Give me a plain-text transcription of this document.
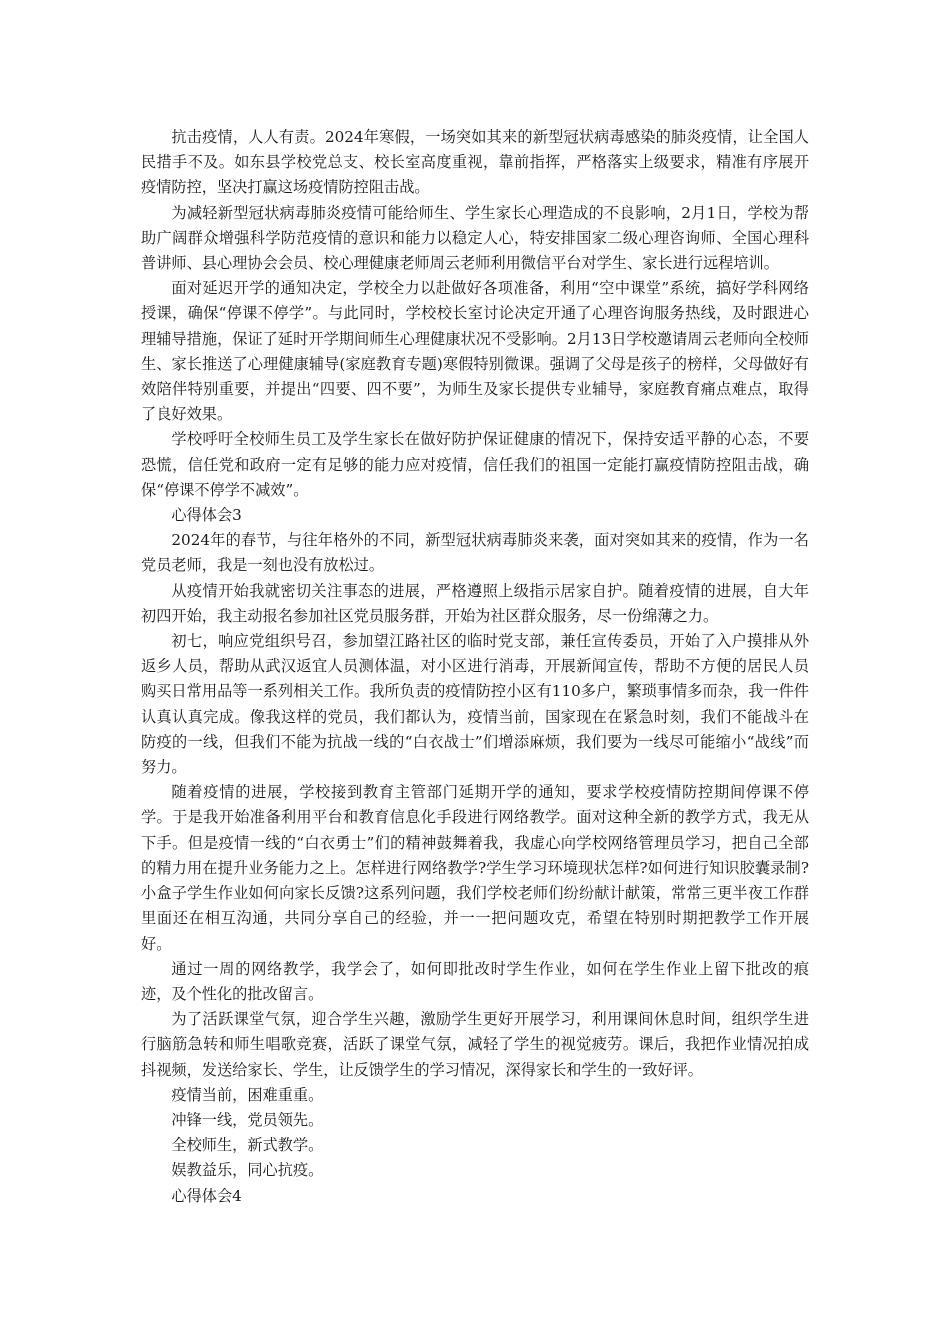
抗击疫情，人人有责。2024年寒假，一场突如其来的新型冠状病毒感染的肺炎疫情，让全国人民措手不及。如东县学校党总支、校长室高度重视，靠前指挥，严格落实上级要求，精准有序展开疫情防控，坚决打赢这场疫情防控阻击战。

为减轻新型冠状病毒肺炎疫情可能给师生、学生家长心理造成的不良影响，2月1日，学校为帮助广阔群众增强科学防范疫情的意识和能力以稳定人心，特安排国家二级心理咨询师、全国心理科普讲师、县心理协会会员、校心理健康老师周云老师利用微信平台对学生、家长进行远程培训。

面对延迟开学的通知决定，学校全力以赴做好各项准备，利用“空中课堂”系统，搞好学科网络授课，确保“停课不停学”。与此同时，学校校长室讨论决定开通了心理咨询服务热线，及时跟进心理辅导措施，保证了延时开学期间师生心理健康状况不受影响。2月13日学校邀请周云老师向全校师生、家长推送了心理健康辅导(家庭教育专题)寒假特别微课。强调了父母是孩子的榜样，父母做好有效陪伴特别重要，并提出“四要、四不要”，为师生及家长提供专业辅导，家庭教育痛点难点，取得了良好效果。

学校呼吁全校师生员工及学生家长在做好防护保证健康的情况下，保持安适平静的心态，不要恐慌，信任党和政府一定有足够的能力应对疫情，信任我们的祖国一定能打赢疫情防控阻击战，确保“停课不停学不减效”。

心得体会3

2024年的春节，与往年格外的不同，新型冠状病毒肺炎来袭，面对突如其来的疫情，作为一名党员老师，我是一刻也没有放松过。

从疫情开始我就密切关注事态的进展，严格遵照上级指示居家自护。随着疫情的进展，自大年初四开始，我主动报名参加社区党员服务群，开始为社区群众服务，尽一份绵薄之力。

初七，响应党组织号召，参加望江路社区的临时党支部，兼任宣传委员，开始了入户摸排从外返乡人员，帮助从武汉返宜人员测体温，对小区进行消毒，开展新闻宣传，帮助不方便的居民人员购买日常用品等一系列相关工作。我所负责的疫情防控小区有110多户，繁琐事情多而杂，我一件件认真认真完成。像我这样的党员，我们都认为，疫情当前，国家现在在紧急时刻，我们不能战斗在防疫的一线，但我们不能为抗战一线的“白衣战士”们增添麻烦，我们要为一线尽可能缩小“战线”而努力。

随着疫情的进展，学校接到教育主管部门延期开学的通知，要求学校疫情防控期间停课不停学。于是我开始准备利用平台和教育信息化手段进行网络教学。面对这种全新的教学方式，我无从下手。但是疫情一线的“白衣勇士”们的精神鼓舞着我，我虚心向学校网络管理员学习，把自己全部的精力用在提升业务能力之上。怎样进行网络教学?学生学习环境现状怎样?如何进行知识胶囊录制?小盒子学生作业如何向家长反馈?这系列问题，我们学校老师们纷纷献计献策，常常三更半夜工作群里面还在相互沟通，共同分享自己的经验，并一一把问题攻克，希望在特别时期把教学工作开展好。

通过一周的网络教学，我学会了，如何即批改时学生作业，如何在学生作业上留下批改的痕迹，及个性化的批改留言。

为了活跃课堂气氛，迎合学生兴趣，激励学生更好开展学习，利用课间休息时间，组织学生进行脑筋急转和师生唱歌竞赛，活跃了课堂气氛，减轻了学生的视觉疲劳。课后，我把作业情况拍成抖视频，发送给家长、学生，让反馈学生的学习情况，深得家长和学生的一致好评。

疫情当前，困难重重。

冲锋一线，党员领先。

全校师生，新式教学。

娱教益乐，同心抗疫。

心得体会4
